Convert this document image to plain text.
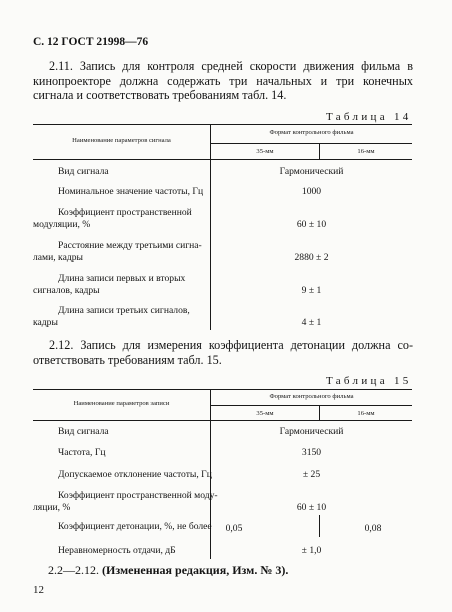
С. 12 ГОСТ 21998—76
2.11. Запись для контроля средней скорости движения фильма в
кинопроекторе должна содержать три начальных и три конечных
сигнала и соответствовать требованиям табл. 14.
Таблица 14
Наименование параметров сигнала
Формат контрольного фильма
35-мм	16-мм
Вид сигнала	Гармонический
Номинальное значение частоты, Гц	1000
Коэффициент пространственной
модуляции, %	60 ± 10
Расстояние между третьими сигна-
лами, кадры	2880 ± 2
Длина записи первых и вторых
сигналов, кадры	9 ± 1
Длина записи третьих сигналов,
кадры	4 ± 1
2.12. Запись для измерения коэффициента детонации должна со-
ответствовать требованиям табл. 15.
Таблица 15
Наименование параметров записи
Формат контрольного фильма
35-мм	16-мм
Вид сигнала	Гармонический
Частота, Гц	3150
Допускаемое отклонение частоты, Гц	± 25
Коэффициент пространственной моду-
ляции, %	60 ± 10
Коэффициент детонации, %, не более	0,05	0,08
Неравномерность отдачи, дБ	± 1,0
2.2—2.12. (Измененная редакция, Изм. № 3).
12
